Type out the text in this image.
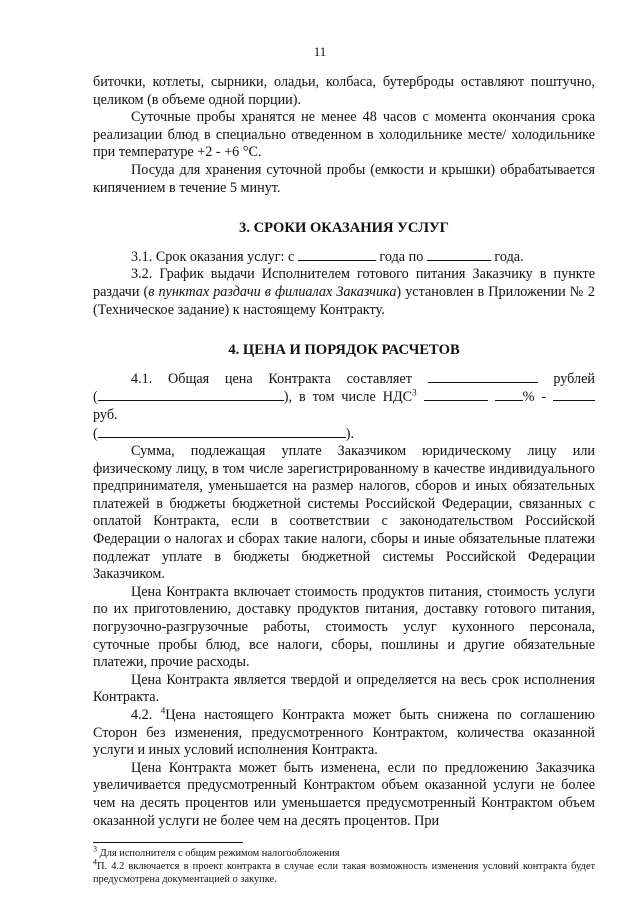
11

биточки, котлеты, сырники, оладьи, колбаса, бутерброды оставляют поштучно, целиком (в объеме одной порции).

Суточные пробы хранятся не менее 48 часов с момента окончания срока реализации блюд в специально отведенном в холодильнике месте/ холодильнике при температуре +2 - +6 °С.

Посуда для хранения суточной пробы (емкости и крышки) обрабатывается кипячением в течение 5 минут.

3. СРОКИ ОКАЗАНИЯ УСЛУГ

3.1. Срок оказания услуг: с	года по	года.

3.2. График выдачи Исполнителем готового питания Заказчику в пункте раздачи (в пунктах раздачи в филиалах Заказчика) установлен в Приложении № 2 (Техническое задание) к настоящему Контракту.

4. ЦЕНА И ПОРЯДОК РАСЧЕТОВ

4.1. Общая цена Контракта составляет	рублей

(	), в том числе НДС$^3$	% -  руб.

(	).

Сумма, подлежащая уплате Заказчиком юридическому лицу или физическому лицу, в том числе зарегистрированному в качестве индивидуального предпринимателя, уменьшается на размер налогов, сборов и иных обязательных платежей в бюджеты бюджетной системы Российской Федерации, связанных с оплатой Контракта, если в соответствии с законодательством Российской Федерации о налогах и сборах такие налоги, сборы и иные обязательные платежи подлежат уплате в бюджеты бюджетной системы Российской Федерации Заказчиком.

Цена Контракта включает стоимость продуктов питания, стоимость услуги по их приготовлению, доставку продуктов питания, доставку готового питания, погрузочно-разгрузочные работы, стоимость услуг кухонного персонала, суточные пробы блюд, все налоги, сборы, пошлины и другие обязательные платежи, прочие расходы.

Цена Контракта является твердой и определяется на весь срок исполнения Контракта.

4.2. $^4$Цена настоящего Контракта может быть снижена по соглашению Сторон без изменения, предусмотренного Контрактом, количества оказанной услуги и иных условий исполнения Контракта.

Цена Контракта может быть изменена, если по предложению Заказчика увеличивается предусмотренный Контрактом объем оказанной услуги не более чем на десять процентов или уменьшается предусмотренный Контрактом объем оказанной услуги не более чем на десять процентов. При

$^3$ Для исполнителя с общим режимом налогообложения
$^4$П. 4.2 включается в проект контракта в случае если такая возможность изменения условий контракта будет предусмотрена документацией о закупке.
